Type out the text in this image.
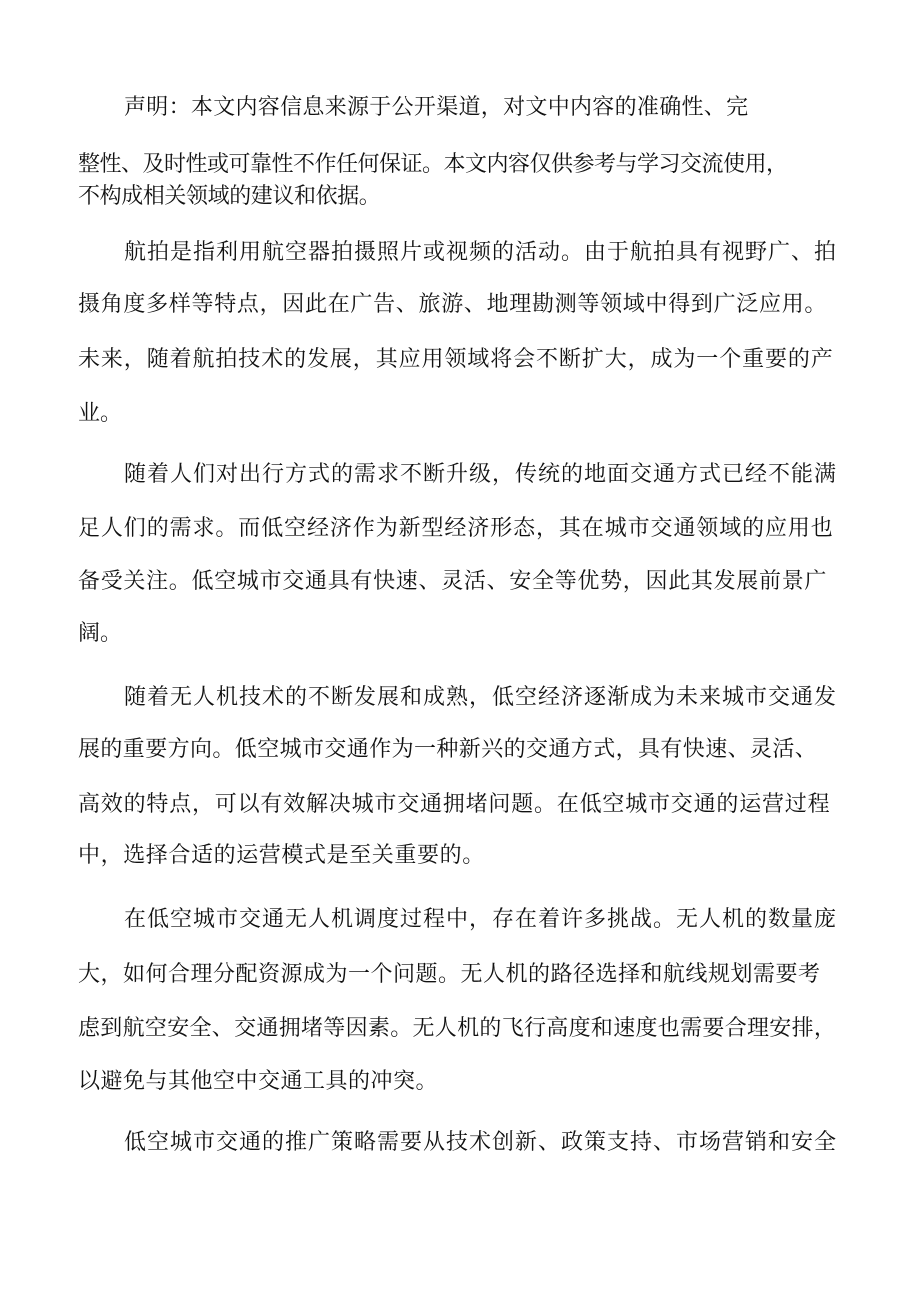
声明：本文内容信息来源于公开渠道，对文中内容的准确性、完

整性、及时性或可靠性不作任何保证。本文内容仅供参考与学习交流使用，

不构成相关领域的建议和依据。

航拍是指利用航空器拍摄照片或视频的活动。由于航拍具有视野广、拍

摄角度多样等特点，因此在广告、旅游、地理勘测等领域中得到广泛应用。

未来，随着航拍技术的发展，其应用领域将会不断扩大，成为一个重要的产

业。

随着人们对出行方式的需求不断升级，传统的地面交通方式已经不能满

足人们的需求。而低空经济作为新型经济形态，其在城市交通领域的应用也

备受关注。低空城市交通具有快速、灵活、安全等优势，因此其发展前景广

阔。

随着无人机技术的不断发展和成熟，低空经济逐渐成为未来城市交通发

展的重要方向。低空城市交通作为一种新兴的交通方式，具有快速、灵活、

高效的特点，可以有效解决城市交通拥堵问题。在低空城市交通的运营过程

中，选择合适的运营模式是至关重要的。

在低空城市交通无人机调度过程中，存在着许多挑战。无人机的数量庞

大，如何合理分配资源成为一个问题。无人机的路径选择和航线规划需要考

虑到航空安全、交通拥堵等因素。无人机的飞行高度和速度也需要合理安排，

以避免与其他空中交通工具的冲突。

低空城市交通的推广策略需要从技术创新、政策支持、市场营销和安全
